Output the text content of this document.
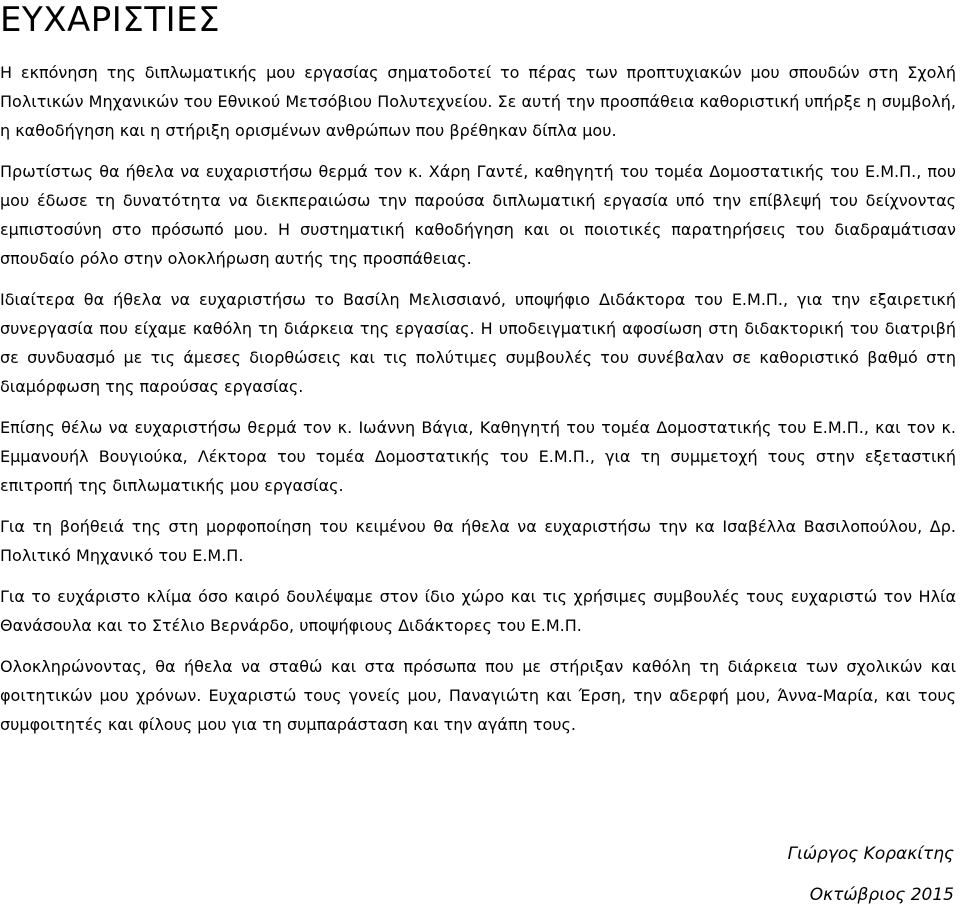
ΕΥΧΑΡΙΣΤΙΕΣ

Η εκπόνηση της διπλωματικής μου εργασίας σηματοδοτεί το πέρας των προπτυχιακών μου σπουδών στη Σχολή Πολιτικών Μηχανικών του Εθνικού Μετσόβιου Πολυτεχνείου. Σε αυτή την προσπάθεια καθοριστική υπήρξε η συμβολή, η καθοδήγηση και η στήριξη ορισμένων ανθρώπων που βρέθηκαν δίπλα μου.

Πρωτίστως θα ήθελα να ευχαριστήσω θερμά τον κ. Χάρη Γαντέ, καθηγητή του τομέα Δομοστατικής του Ε.Μ.Π., που μου έδωσε τη δυνατότητα να διεκπεραιώσω την παρούσα διπλωματική εργασία υπό την επίβλεψή του δείχνοντας εμπιστοσύνη στο πρόσωπό μου. Η συστηματική καθοδήγηση και οι ποιοτικές παρατηρήσεις του διαδραμάτισαν σπουδαίο ρόλο στην ολοκλήρωση αυτής της προσπάθειας.

Ιδιαίτερα θα ήθελα να ευχαριστήσω το Βασίλη Μελισσιανό, υποψήφιο Διδάκτορα του Ε.Μ.Π., για την εξαιρετική συνεργασία που είχαμε καθόλη τη διάρκεια της εργασίας. Η υποδειγματική αφοσίωση στη διδακτορική του διατριβή σε συνδυασμό με τις άμεσες διορθώσεις και τις πολύτιμες συμβουλές του συνέβαλαν σε καθοριστικό βαθμό στη διαμόρφωση της παρούσας εργασίας.

Επίσης θέλω να ευχαριστήσω θερμά τον κ. Ιωάννη Βάγια, Καθηγητή του τομέα Δομοστατικής του Ε.Μ.Π., και τον κ. Εμμανουήλ Βουγιούκα, Λέκτορα του τομέα Δομοστατικής του Ε.Μ.Π., για τη συμμετοχή τους στην εξεταστική επιτροπή της διπλωματικής μου εργασίας.

Για τη βοήθειά της στη μορφοποίηση του κειμένου θα ήθελα να ευχαριστήσω την κα Ισαβέλλα Βασιλοπούλου, Δρ. Πολιτικό Μηχανικό του Ε.Μ.Π.

Για το ευχάριστο κλίμα όσο καιρό δουλέψαμε στον ίδιο χώρο και τις χρήσιμες συμβουλές τους ευχαριστώ τον Ηλία Θανάσουλα και το Στέλιο Βερνάρδο, υποψήφιους Διδάκτορες του Ε.Μ.Π.

Ολοκληρώνοντας, θα ήθελα να σταθώ και στα πρόσωπα που με στήριξαν καθόλη τη διάρκεια των σχολικών και φοιτητικών μου χρόνων. Ευχαριστώ τους γονείς μου, Παναγιώτη και Έρση, την αδερφή μου, Άννα-Μαρία, και τους συμφοιτητές και φίλους μου για τη συμπαράσταση και την αγάπη τους.

Γιώργος Κορακίτης
Οκτώβριος 2015
